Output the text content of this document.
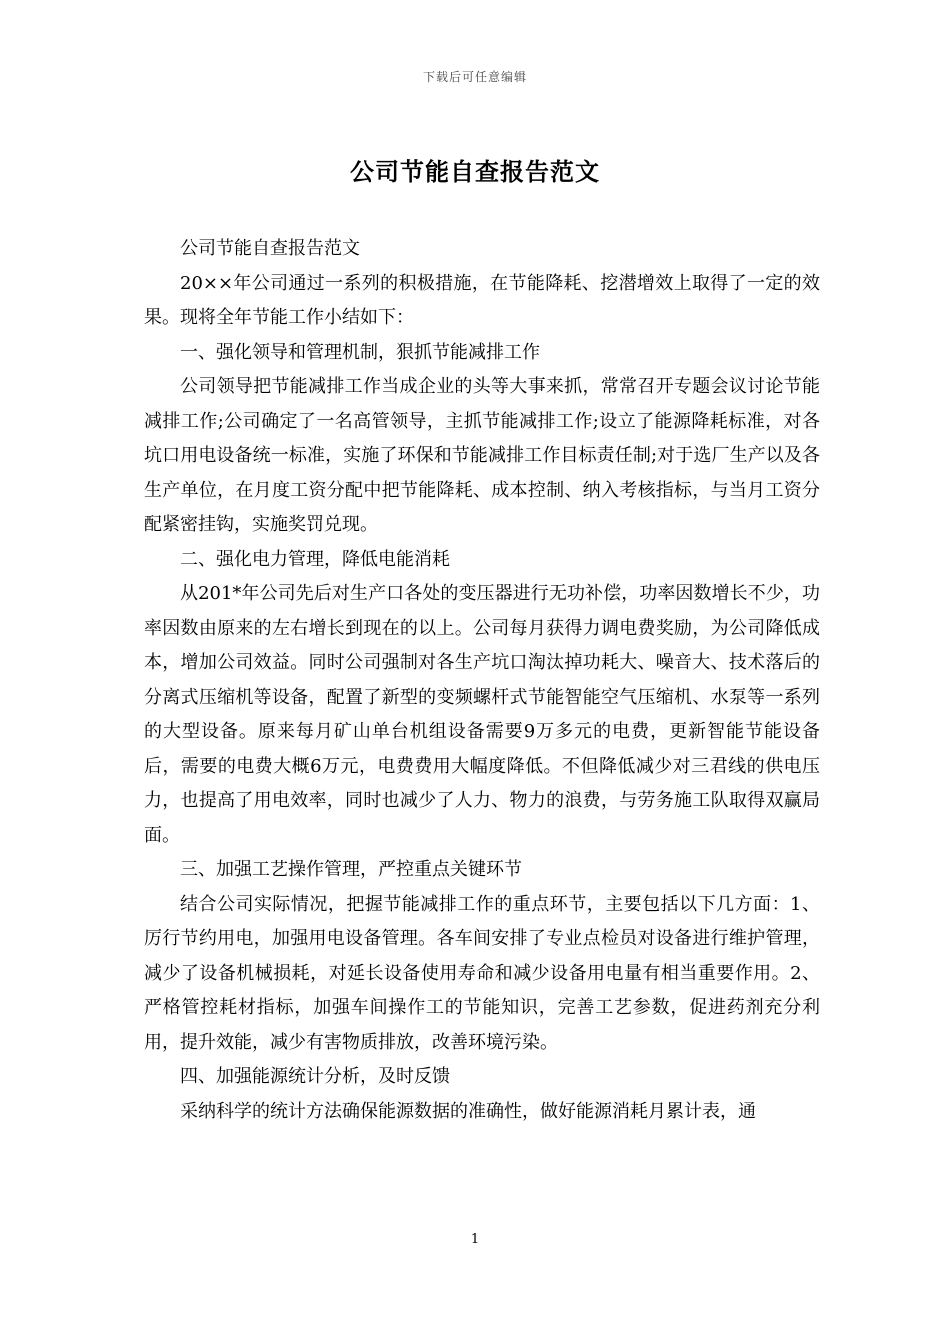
下载后可任意编辑
公司节能自查报告范文

公司节能自查报告范文

20××年公司通过一系列的积极措施，在节能降耗、挖潜增效上取得了一定的效果。现将全年节能工作小结如下：

一、强化领导和管理机制，狠抓节能减排工作

公司领导把节能减排工作当成企业的头等大事来抓，常常召开专题会议讨论节能减排工作;公司确定了一名高管领导，主抓节能减排工作;设立了能源降耗标准，对各坑口用电设备统一标准，实施了环保和节能减排工作目标责任制;对于选厂生产以及各生产单位，在月度工资分配中把节能降耗、成本控制、纳入考核指标，与当月工资分配紧密挂钩，实施奖罚兑现。

二、强化电力管理，降低电能消耗

从201*年公司先后对生产口各处的变压器进行无功补偿，功率因数增长不少，功率因数由原来的左右增长到现在的以上。公司每月获得力调电费奖励，为公司降低成本，增加公司效益。同时公司强制对各生产坑口淘汰掉功耗大、噪音大、技术落后的分离式压缩机等设备，配置了新型的变频螺杆式节能智能空气压缩机、水泵等一系列的大型设备。原来每月矿山单台机组设备需要9万多元的电费，更新智能节能设备后，需要的电费大概6万元，电费费用大幅度降低。不但降低减少对三君线的供电压力，也提高了用电效率，同时也减少了人力、物力的浪费，与劳务施工队取得双赢局面。

三、加强工艺操作管理，严控重点关键环节

结合公司实际情况，把握节能减排工作的重点环节，主要包括以下几方面：1、厉行节约用电，加强用电设备管理。各车间安排了专业点检员对设备进行维护管理，减少了设备机械损耗，对延长设备使用寿命和减少设备用电量有相当重要作用。2、严格管控耗材指标，加强车间操作工的节能知识，完善工艺参数，促进药剂充分利用，提升效能，减少有害物质排放，改善环境污染。

四、加强能源统计分析，及时反馈

采纳科学的统计方法确保能源数据的准确性，做好能源消耗月累计表，通

1
